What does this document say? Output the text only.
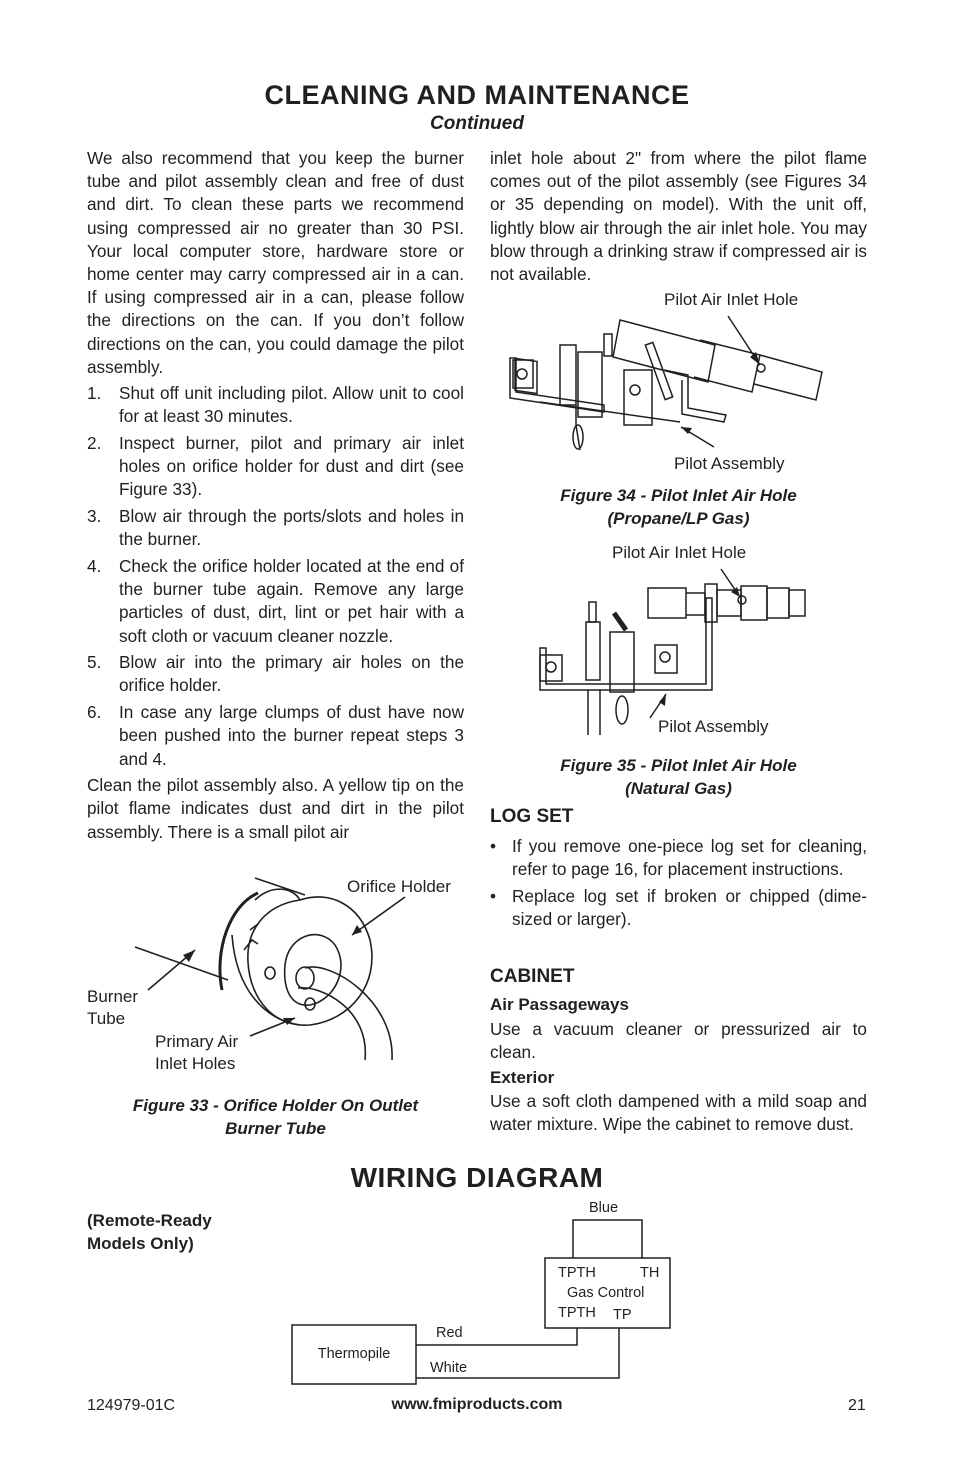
CLEANING AND MAINTENANCE
Continued

We also recommend that you keep the burner tube and pilot assembly clean and free of dust and dirt. To clean these parts we recommend using compressed air no greater than 30 PSI. Your local computer store, hardware store or home center may carry compressed air in a can. If using compressed air in a can, please follow the directions on the can. If you don’t follow directions on the can, you could damage the pilot assembly.

1. Shut off unit including pilot. Allow unit to cool for at least 30 minutes.
2. Inspect burner, pilot and primary air inlet holes on orifice holder for dust and dirt (see Figure 33).
3. Blow air through the ports/slots and holes in the burner.
4. Check the orifice holder located at the end of the burner tube again. Remove any large particles of dust, dirt, lint or pet hair with a soft cloth or vacuum cleaner nozzle.
5. Blow air into the primary air holes on the orifice holder.
6. In case any large clumps of dust have now been pushed into the burner repeat steps 3 and 4.

Clean the pilot assembly also. A yellow tip on the pilot flame indicates dust and dirt in the pilot assembly. There is a small pilot air

Orifice Holder
Burner
Tube
Primary Air
Inlet Holes
Figure 33 - Orifice Holder On Outlet
Burner Tube

inlet hole about 2" from where the pilot flame comes out of the pilot assembly (see Figures 34 or 35 depending on model). With the unit off, lightly blow air through the air inlet hole. You may blow through a drinking straw if compressed air is not available.

Pilot Air Inlet Hole
Pilot Assembly
Figure 34 - Pilot Inlet Air Hole
(Propane/LP Gas)
Pilot Air Inlet Hole
Pilot Assembly
Figure 35 - Pilot Inlet Air Hole
(Natural Gas)
LOG SET
• If you remove one-piece log set for cleaning, refer to page 16, for placement instructions.
• Replace log set if broken or chipped (dime-sized or larger).
CABINET
Air Passageways

Use a vacuum cleaner or pressurized air to clean.

Exterior

Use a soft cloth dampened with a mild soap and water mixture. Wipe the cabinet to remove dust.

WIRING DIAGRAM
(Remote-Ready
Models Only)
Blue
TPTH	TH
Gas Control
TPTH TP
Red
White
Thermopile
124979-01C	www.fmiproducts.com	21
